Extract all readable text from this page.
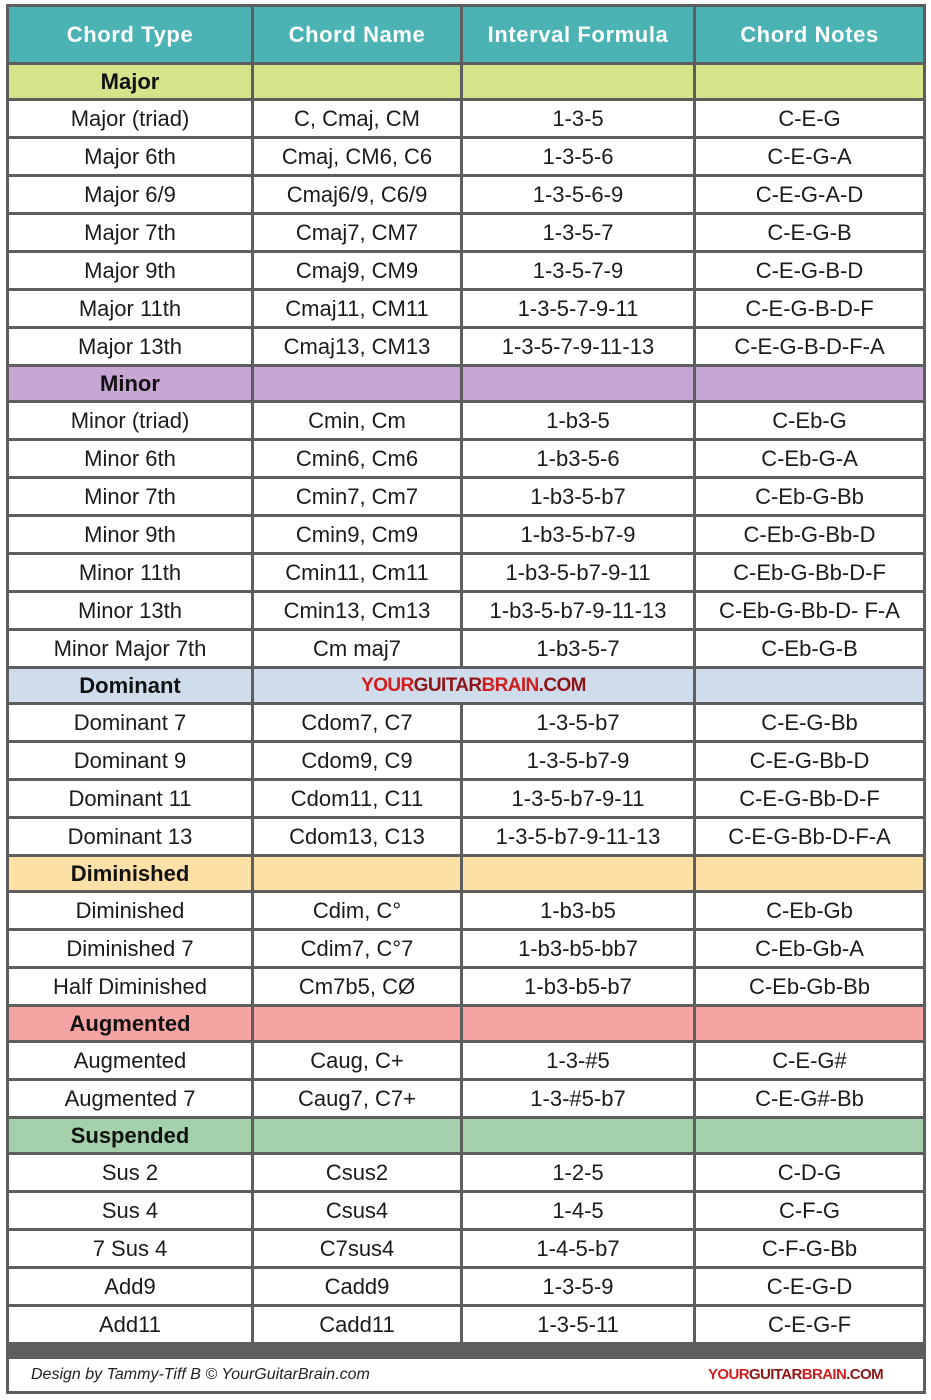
Chord Type	Chord Name	Interval Formula	Chord Notes
Major
Major (triad)	C, Cmaj, CM	1-3-5	C-E-G
Major 6th	Cmaj, CM6, C6	1-3-5-6	C-E-G-A
Major 6/9	Cmaj6/9, C6/9	1-3-5-6-9	C-E-G-A-D
Major 7th	Cmaj7, CM7	1-3-5-7	C-E-G-B
Major 9th	Cmaj9, CM9	1-3-5-7-9	C-E-G-B-D
Major 11th	Cmaj11, CM11	1-3-5-7-9-11	C-E-G-B-D-F
Major 13th	Cmaj13, CM13	1-3-5-7-9-11-13	C-E-G-B-D-F-A
Minor
Minor (triad)	Cmin, Cm	1-b3-5	C-Eb-G
Minor 6th	Cmin6, Cm6	1-b3-5-6	C-Eb-G-A
Minor 7th	Cmin7, Cm7	1-b3-5-b7	C-Eb-G-Bb
Minor 9th	Cmin9, Cm9	1-b3-5-b7-9	C-Eb-G-Bb-D
Minor 11th	Cmin11, Cm11	1-b3-5-b7-9-11	C-Eb-G-Bb-D-F
Minor 13th	Cmin13, Cm13	1-b3-5-b7-9-11-13	C-Eb-G-Bb-D- F-A
Minor Major 7th	Cm maj7	1-b3-5-7	C-Eb-G-B
Dominant	YOURGUITARBRAIN.COM
Dominant 7	Cdom7, C7	1-3-5-b7	C-E-G-Bb
Dominant 9	Cdom9, C9	1-3-5-b7-9	C-E-G-Bb-D
Dominant 11	Cdom11, C11	1-3-5-b7-9-11	C-E-G-Bb-D-F
Dominant 13	Cdom13, C13	1-3-5-b7-9-11-13	C-E-G-Bb-D-F-A
Diminished
Diminished	Cdim, C°	1-b3-b5	C-Eb-Gb
Diminished 7	Cdim7, C°7	1-b3-b5-bb7	C-Eb-Gb-A
Half Diminished	Cm7b5, CØ	1-b3-b5-b7	C-Eb-Gb-Bb
Augmented
Augmented	Caug, C+	1-3-#5	C-E-G#
Augmented 7	Caug7, C7+	1-3-#5-b7	C-E-G#-Bb
Suspended
Sus 2	Csus2	1-2-5	C-D-G
Sus 4	Csus4	1-4-5	C-F-G
7 Sus 4	C7sus4	1-4-5-b7	C-F-G-Bb
Add9	Cadd9	1-3-5-9	C-E-G-D
Add11	Cadd11	1-3-5-11	C-E-G-F
Design by Tammy-Tiff B © YourGuitarBrain.com	YOURGUITARBRAIN.COM
